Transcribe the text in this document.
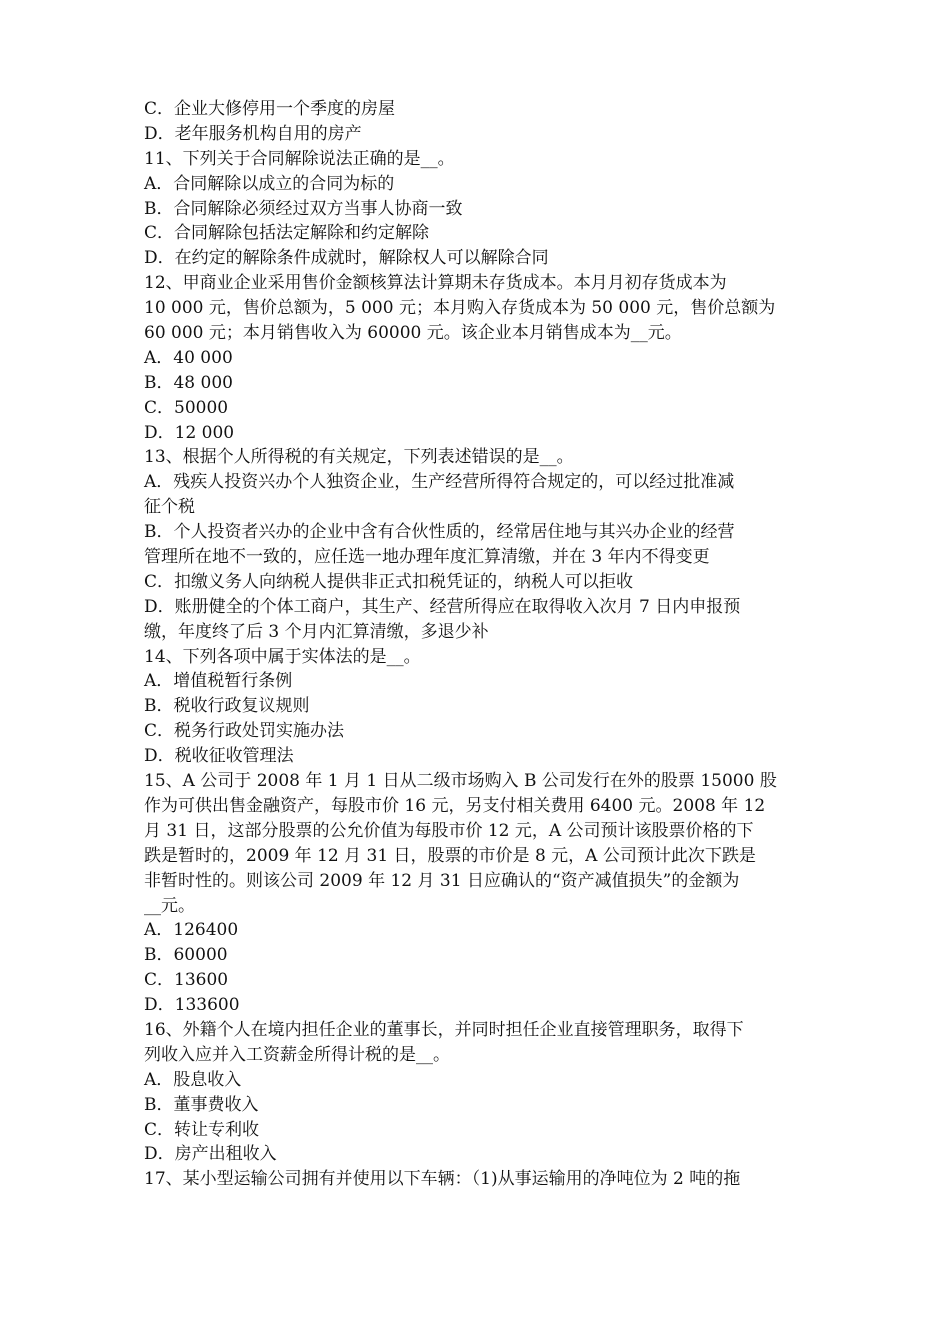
C．企业大修停用一个季度的房屋
D．老年服务机构自用的房产
11、下列关于合同解除说法正确的是__。
A．合同解除以成立的合同为标的
B．合同解除必须经过双方当事人协商一致
C．合同解除包括法定解除和约定解除
D．在约定的解除条件成就时，解除权人可以解除合同
12、甲商业企业采用售价金额核算法计算期未存货成本。本月月初存货成本为
10 000 元，售价总额为，5 000 元；本月购入存货成本为 50 000 元，售价总额为
60 000 元；本月销售收入为 60000 元。该企业本月销售成本为__元。
A．40 000
B．48 000
C．50000
D．12 000
13、根据个人所得税的有关规定，下列表述错误的是__。
A．残疾人投资兴办个人独资企业，生产经营所得符合规定的，可以经过批准减
征个税
B．个人投资者兴办的企业中含有合伙性质的，经常居住地与其兴办企业的经营
管理所在地不一致的，应任选一地办理年度汇算清缴，并在 3 年内不得变更
C．扣缴义务人向纳税人提供非正式扣税凭证的，纳税人可以拒收
D．账册健全的个体工商户，其生产、经营所得应在取得收入次月 7 日内申报预
缴，年度终了后 3 个月内汇算清缴，多退少补
14、下列各项中属于实体法的是__。
A．增值税暂行条例
B．税收行政复议规则
C．税务行政处罚实施办法
D．税收征收管理法
15、A 公司于 2008 年 1 月 1 日从二级市场购入 B 公司发行在外的股票 15000 股
作为可供出售金融资产，每股市价 16 元，另支付相关费用 6400 元。2008 年 12
月 31 日，这部分股票的公允价值为每股市价 12 元，A 公司预计该股票价格的下
跌是暂时的，2009 年 12 月 31 日，股票的市价是 8 元，A 公司预计此次下跌是
非暂时性的。则该公司 2009 年 12 月 31 日应确认的“资产减值损失”的金额为
__元。
A．126400
B．60000
C．13600
D．133600
16、外籍个人在境内担任企业的董事长，并同时担任企业直接管理职务，取得下
列收入应并入工资薪金所得计税的是__。
A．股息收入
B．董事费收入
C．转让专利收
D．房产出租收入
17、某小型运输公司拥有并使用以下车辆：（1)从事运输用的净吨位为 2 吨的拖
